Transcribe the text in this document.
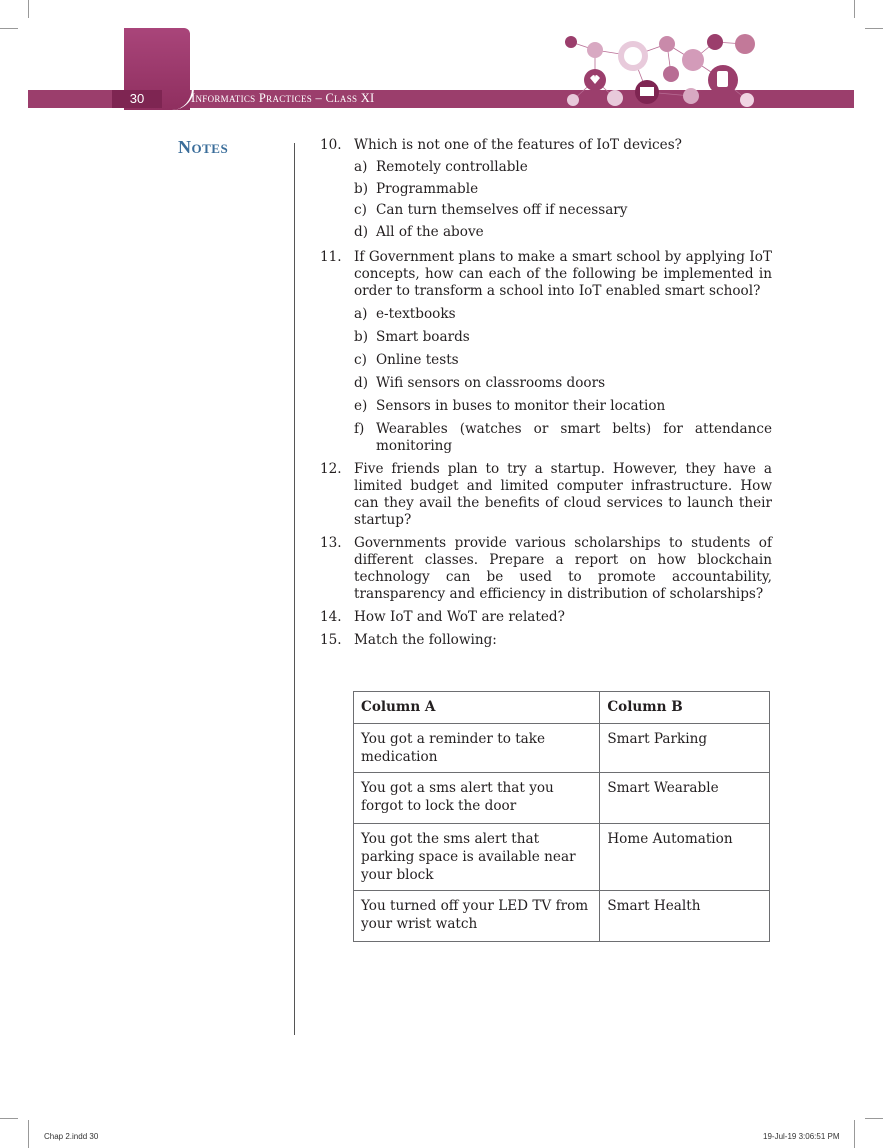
30	Informatics Practices – Class XI
Notes	10. Which is not one of the features of IoT devices?
a) Remotely controllable
b) Programmable
c) Can turn themselves off if necessary
d) All of the above
11. If Government plans to make a smart school by applying IoT concepts, how can each of the following be implemented in order to transform a school into IoT enabled smart school?
a) e-textbooks
b) Smart boards
c) Online tests
d) Wifi sensors on classrooms doors
e) Sensors in buses to monitor their location
f) Wearables (watches or smart belts) for attendance monitoring
12. Five friends plan to try a startup. However, they have a limited budget and limited computer infrastructure. How can they avail the benefits of cloud services to launch their startup?
13. Governments provide various scholarships to students of different classes. Prepare a report on how blockchain technology can be used to promote accountability, transparency and efficiency in distribution of scholarships?
14. How IoT and WoT are related?
15. Match the following:
Column A	Column B
You got a reminder to take medication	Smart Parking
You got a sms alert that you forgot to lock the door	Smart Wearable
You got the sms alert that parking space is available near your block	Home Automation
You turned off your LED TV from your wrist watch	Smart Health
Chap 2.indd 30	19-Jul-19 3:06:51 PM
